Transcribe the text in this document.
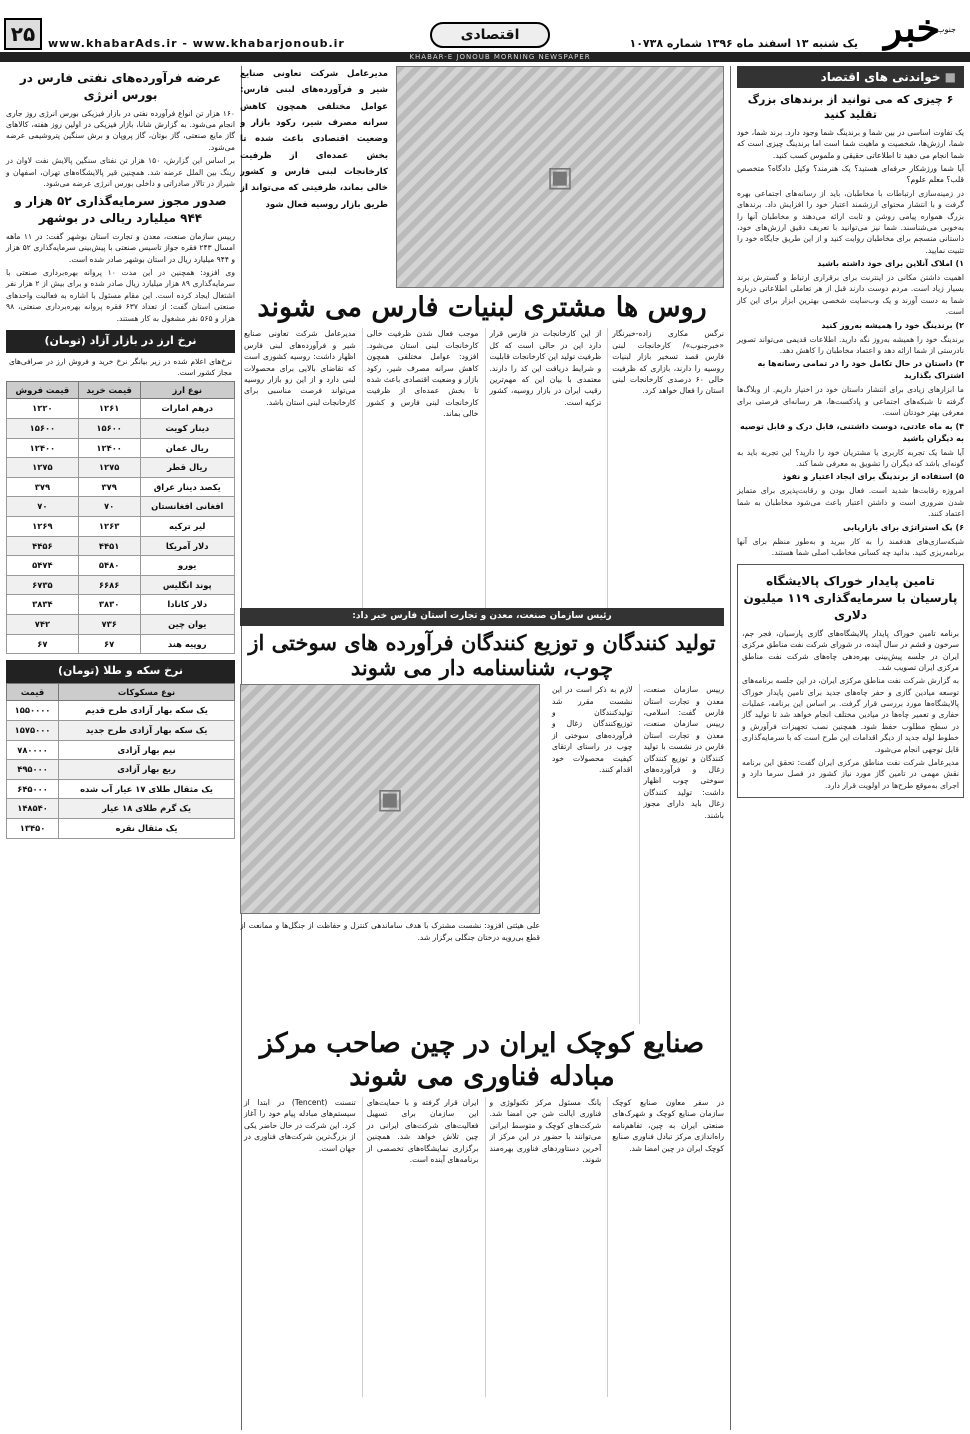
جنوب
خبر
یک شنبه ۱۳ اسفند ماه ۱۳۹۶ شماره ۱۰۷۳۸
اقتصادی
www.khabarAds.ir - www.khabarjonoub.ir
۲۵
KHABAR-E JONOUB MORNING NEWSPAPER
■ خواندنی های اقتصاد
۶ چیزی که می توانید از برندهای بزرگ تقلید کنید

یک تفاوت اساسی در بین شما و برندینگ شما وجود دارد. برند شما، خود شما، ارزش‌ها، شخصیت و ماهیت شما است اما برندینگ چیزی است که شما انجام می دهید تا اطلاعاتی حقیقی و ملموس کسب کنید.

آیا شما ورزشکار حرفه‌ای هستید؟ یک هنرمند؟ وکیل دادگاه؟ متخصص قلب؟ معلم علوم؟

در زمینه‌سازی ارتباطات با مخاطبان، باید از رسانه‌های اجتماعی بهره گرفت و با انتشار محتوای ارزشمند اعتبار خود را افزایش داد. برندهای بزرگ همواره پیامی روشن و ثابت ارائه می‌دهند و مخاطبان آنها را به‌خوبی می‌شناسند. شما نیز می‌توانید با تعریف دقیق ارزش‌های خود، داستانی منسجم برای مخاطبان روایت کنید و از این طریق جایگاه خود را تثبیت نمایید.

۱) املاک آنلاین برای خود داشته باشید

اهمیت داشتن مکانی در اینترنت برای برقراری ارتباط و گسترش برند بسیار زیاد است. مردم دوست دارند قبل از هر تعاملی اطلاعاتی درباره شما به دست آورند و یک وب‌سایت شخصی بهترین ابزار برای این کار است.

۲) برندینگ خود را همیشه به‌روز کنید

برندینگ خود را همیشه به‌روز نگه دارید. اطلاعات قدیمی می‌تواند تصویر نادرستی از شما ارائه دهد و اعتماد مخاطبان را کاهش دهد.

۳) داستان در حال تکامل خود را در تمامی رسانه‌ها به اشتراک بگذارید

ما ابزارهای زیادی برای انتشار داستان خود در اختیار داریم. از وبلاگ‌ها گرفته تا شبکه‌های اجتماعی و پادکست‌ها، هر رسانه‌ای فرصتی برای معرفی بهتر خودتان است.

۴) به ماه عادتی، دوست داشتنی، قابل درک و قابل توصیه به دیگران باشید

آیا شما یک تجربه کاربری یا مشتریان خود را دارید؟ این تجربه باید به گونه‌ای باشد که دیگران را تشویق به معرفی شما کند.

۵) استفاده از برندینگ برای ایجاد اعتبار و نفوذ

امروزه رقابت‌ها شدید است. فعال بودن و رقابت‌پذیری برای متمایز شدن ضروری است و داشتن اعتبار باعث می‌شود مخاطبان به شما اعتماد کنند.

۶) یک استراتژی برای بازاریابی

شبکه‌سازی‌های هدفمند را به کار ببرید و به‌طور منظم برای آنها برنامه‌ریزی کنید. بدانید چه کسانی مخاطب اصلی شما هستند.

تامین پایدار خوراک پالایشگاه پارسیان با سرمایه‌گذاری ۱۱۹ میلیون دلاری

برنامه تامین خوراک پایدار پالایشگاه‌های گازی پارسیان، فجر جم، سرخون و قشم در سال آینده، در شورای شرکت نفت مناطق مرکزی ایران در جلسه پیش‌بینی بهره‌دهی چاه‌های شرکت نفت مناطق مرکزی ایران تصویب شد.

به گزارش شرکت نفت مناطق مرکزی ایران، در این جلسه برنامه‌های توسعه میادین گازی و حفر چاه‌های جدید برای تامین پایدار خوراک پالایشگاه‌ها مورد بررسی قرار گرفت. بر اساس این برنامه، عملیات حفاری و تعمیر چاه‌ها در میادین مختلف انجام خواهد شد تا تولید گاز در سطح مطلوب حفظ شود. همچنین نصب تجهیزات فرآورش و خطوط لوله جدید از دیگر اقدامات این طرح است که با سرمایه‌گذاری قابل توجهی انجام می‌شود.

مدیرعامل شرکت نفت مناطق مرکزی ایران گفت: تحقق این برنامه نقش مهمی در تامین گاز مورد نیاز کشور در فصل سرما دارد و اجرای به‌موقع طرح‌ها در اولویت قرار دارد.

عرضه فرآورده‌های نفتی فارس در بورس انرژی

۱۶۰ هزار تن انواع فرآورده نفتی در بازار فیزیکی بورس انرژی روز جاری انجام می‌شود. به گزارش شانا، بازار فیزیکی در اولین روز هفته، کالاهای گاز مایع صنعتی، گاز بوتان، گاز پروپان و برش سنگین پتروشیمی عرضه می‌شود.

بر اساس این گزارش، ۱۵۰ هزار تن نفتای سنگین پالایش نفت لاوان در رینگ بین الملل عرضه شد. همچنین قیر پالایشگاه‌های تهران، اصفهان و شیراز در تالار صادراتی و داخلی بورس انرژی عرضه می‌شود.

صدور مجوز سرمایه‌گذاری ۵۲ هزار و ۹۴۴ میلیارد ریالی در بوشهر

رییس سازمان صنعت، معدن و تجارت استان بوشهر گفت: در ۱۱ ماهه امسال ۲۴۳ فقره جواز تاسیس صنعتی با پیش‌بینی سرمایه‌گذاری ۵۲ هزار و ۹۴۴ میلیارد ریال در استان بوشهر صادر شده است.

وی افزود: همچنین در این مدت ۱۰ پروانه بهره‌برداری صنعتی با سرمایه‌گذاری ۸۹ هزار میلیارد ریال صادر شده و برای بیش از ۲ هزار نفر اشتغال ایجاد کرده است. این مقام مسئول با اشاره به فعالیت واحدهای صنعتی استان گفت: از تعداد ۶۳۷ فقره پروانه بهره‌برداری صنعتی، ۹۸ هزار و ۵۶۵ نفر مشغول به کار هستند.

نرخ ارز در بازار آزاد (تومان)

نرخ‌های اعلام شده در زیر بیانگر نرخ خرید و فروش ارز در صرافی‌های مجاز کشور است.

نوع ارز	قیمت خرید	قیمت فروش
درهم امارات	۱۲۶۱	۱۲۲۰
دینار کویت	۱۵۶۰۰	۱۵۶۰۰
ریال عمان	۱۲۴۰۰	۱۲۴۰۰
ریال قطر	۱۲۷۵	۱۲۷۵
یکصد دینار عراق	۳۷۹	۳۷۹
افغانی افغانستان	۷۰	۷۰
لیر ترکیه	۱۲۶۳	۱۲۶۹
دلار آمریکا	۴۴۵۱	۴۴۵۶
یورو	۵۴۸۰	۵۴۷۴
پوند انگلیس	۶۶۸۶	۶۷۳۵
دلار کانادا	۳۸۳۰	۳۸۳۴
یوان چین	۷۳۶	۷۴۲
روپیه هند	۶۷	۶۷
نرخ سکه و طلا (تومان)
نوع مسکوکات	قیمت
یک سکه بهار آزادی طرح قدیم	۱۵۵۰۰۰۰
یک سکه بهار آزادی طرح جدید	۱۵۷۵۰۰۰
نیم بهار آزادی	۷۸۰۰۰۰
ربع بهار آزادی	۴۹۵۰۰۰
یک مثقال طلای ۱۷ عیار آب شده	۶۴۵۰۰۰
یک گرم طلای ۱۸ عیار	۱۴۸۵۴۰
یک مثقال نقره	۱۳۴۵۰
▣
مدیرعامل شرکت تعاونی صنایع شیر و فرآورده‌های لبنی فارس: عوامل مختلفی همچون کاهش سرانه مصرف شیر، رکود بازار و وضعیت اقتصادی باعث شده تا بخش عمده‌ای از ظرفیت کارخانجات لبنی فارس و کشور خالی بماند، ظرفیتی که می‌تواند از طریق بازار روسیه فعال شود
روس ها مشتری لبنیات فارس می شوند
نرگس مکاری زاده-خبرنگار «خبرجنوب»/ کارخانجات لبنی فارس قصد تسخیر بازار لبنیات روسیه را دارند، بازاری که ظرفیت خالی ۶۰ درصدی کارخانجات لبنی استان را فعال خواهد کرد.
از این کارخانجات در فارس قرار دارد این در حالی است که کل ظرفیت تولید این کارخانجات قابلیت و شرایط دریافت این کد را دارند. معتمدی با بیان این که مهم‌ترین رقیب ایران در بازار روسیه، کشور ترکیه است.
موجب فعال شدن ظرفیت خالی کارخانجات لبنی استان می‌شود. افزود: عوامل مختلفی همچون کاهش سرانه مصرف شیر، رکود بازار و وضعیت اقتصادی باعث شده تا بخش عمده‌ای از ظرفیت کارخانجات لبنی فارس و کشور خالی بماند.
مدیرعامل شرکت تعاونی صنایع شیر و فرآورده‌های لبنی فارس اظهار داشت: روسیه کشوری است که تقاضای بالایی برای محصولات لبنی دارد و از این رو بازار روسیه می‌تواند فرصت مناسبی برای کارخانجات لبنی استان باشد.
رئیس سازمان صنعت، معدن و تجارت استان فارس خبر داد:
تولید کنندگان و توزیع کنندگان فرآورده های سوختی از چوب، شناسنامه دار می شوند
رییس سازمان صنعت، معدن و تجارت استان فارس گفت: اسلامی، رییس سازمان صنعت، معدن و تجارت استان فارس در نشست با تولید کنندگان و توزیع کنندگان زغال و فرآورده‌های سوختی چوب اظهار داشت: تولید کنندگان زغال باید دارای مجوز باشند.
لازم به ذکر است در این نشست مقرر شد تولیدکنندگان و توزیع‌کنندگان زغال و فرآورده‌های سوختی از چوب در راستای ارتقای کیفیت محصولات خود اقدام کنند.
▣
علی هیئتی افزود: نشست مشترک با هدف ساماندهی کنترل و حفاظت از جنگل‌ها و ممانعت از قطع بی‌رویه درختان جنگلی برگزار شد.
صنایع کوچک ایران در چین صاحب مرکز مبادله فناوری می شوند
در سفر معاون صنایع کوچک سازمان صنایع کوچک و شهرک‌های صنعتی ایران به چین، تفاهم‌نامه راه‌اندازی مرکز تبادل فناوری صنایع کوچک ایران در چین امضا شد.
یانگ مسئول مرکز تکنولوژی و فناوری ایالت شن جن امضا شد. شرکت‌های کوچک و متوسط ایرانی می‌توانند با حضور در این مرکز از آخرین دستاوردهای فناوری بهره‌مند شوند.
ایران قرار گرفته و با حمایت‌های این سازمان برای تسهیل فعالیت‌های شرکت‌های ایرانی در چین تلاش خواهد شد. همچنین برگزاری نمایشگاه‌های تخصصی از برنامه‌های آینده است.
تنسنت (Tencent) در ابتدا از سیستم‌های مبادله پیام خود را آغاز کرد. این شرکت در حال حاضر یکی از بزرگ‌ترین شرکت‌های فناوری در جهان است.
